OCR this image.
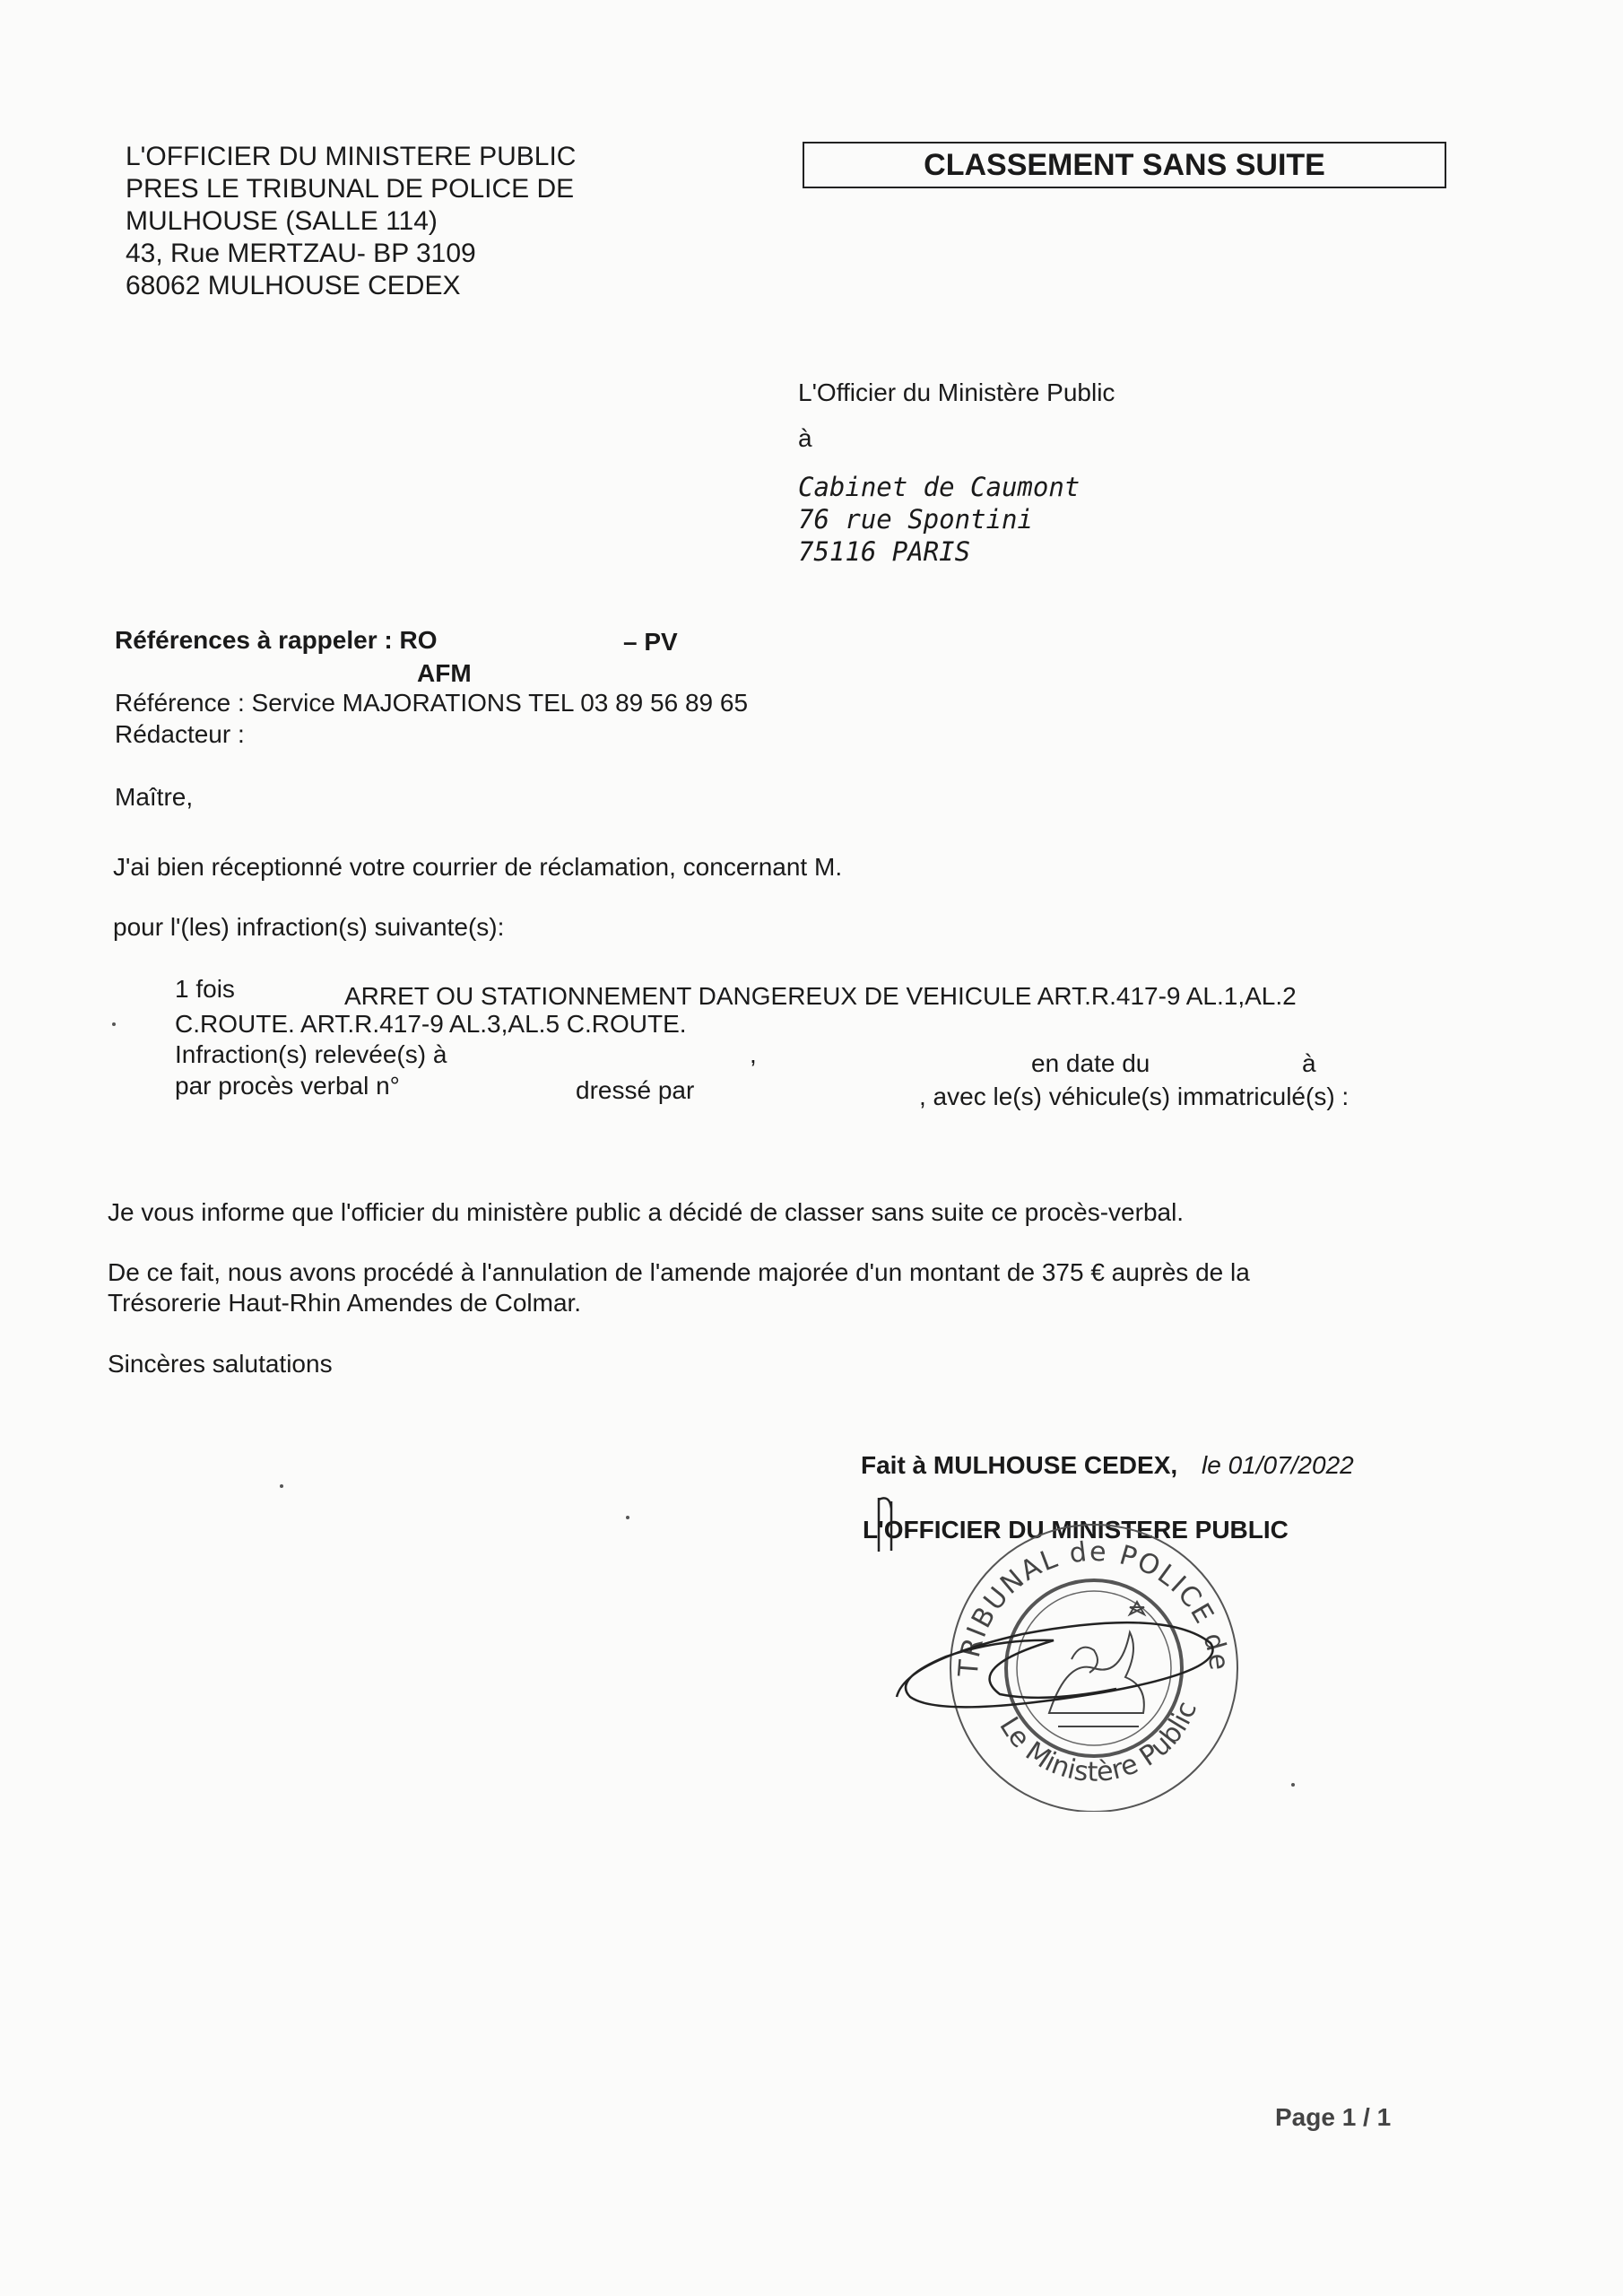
L'OFFICIER DU MINISTERE PUBLIC
PRES LE TRIBUNAL DE POLICE DE
MULHOUSE (SALLE 114)
43, Rue MERTZAU- BP 3109
68062 MULHOUSE CEDEX
CLASSEMENT SANS SUITE
L'Officier du Ministère Public
à
Cabinet de Caumont
76 rue Spontini
75116 PARIS
Références à rappeler : RO	– PV
AFM
Référence : Service MAJORATIONS TEL 03 89 56 89 65
Rédacteur :
Maître,
J'ai bien réceptionné votre courrier de réclamation, concernant M.
pour l'(les) infraction(s) suivante(s):
1 fois	ARRET OU STATIONNEMENT DANGEREUX DE VEHICULE ART.R.417-9 AL.1,AL.2
C.ROUTE. ART.R.417-9 AL.3,AL.5 C.ROUTE.
Infraction(s) relevée(s) à	,	en date du	à
par procès verbal n°	dressé par	, avec le(s) véhicule(s) immatriculé(s) :
Je vous informe que l'officier du ministère public a décidé de classer sans suite ce procès-verbal.
De ce fait, nous avons procédé à l'annulation de l'amende majorée d'un montant de 375 € auprès de la
Trésorerie Haut-Rhin Amendes de Colmar.
Sincères salutations
Fait à MULHOUSE CEDEX, le 01/07/2022
L'OFFICIER DU MINISTERE PUBLIC
TRIBUNAL de POLICE de
Le Ministère Public
Page 1 / 1
